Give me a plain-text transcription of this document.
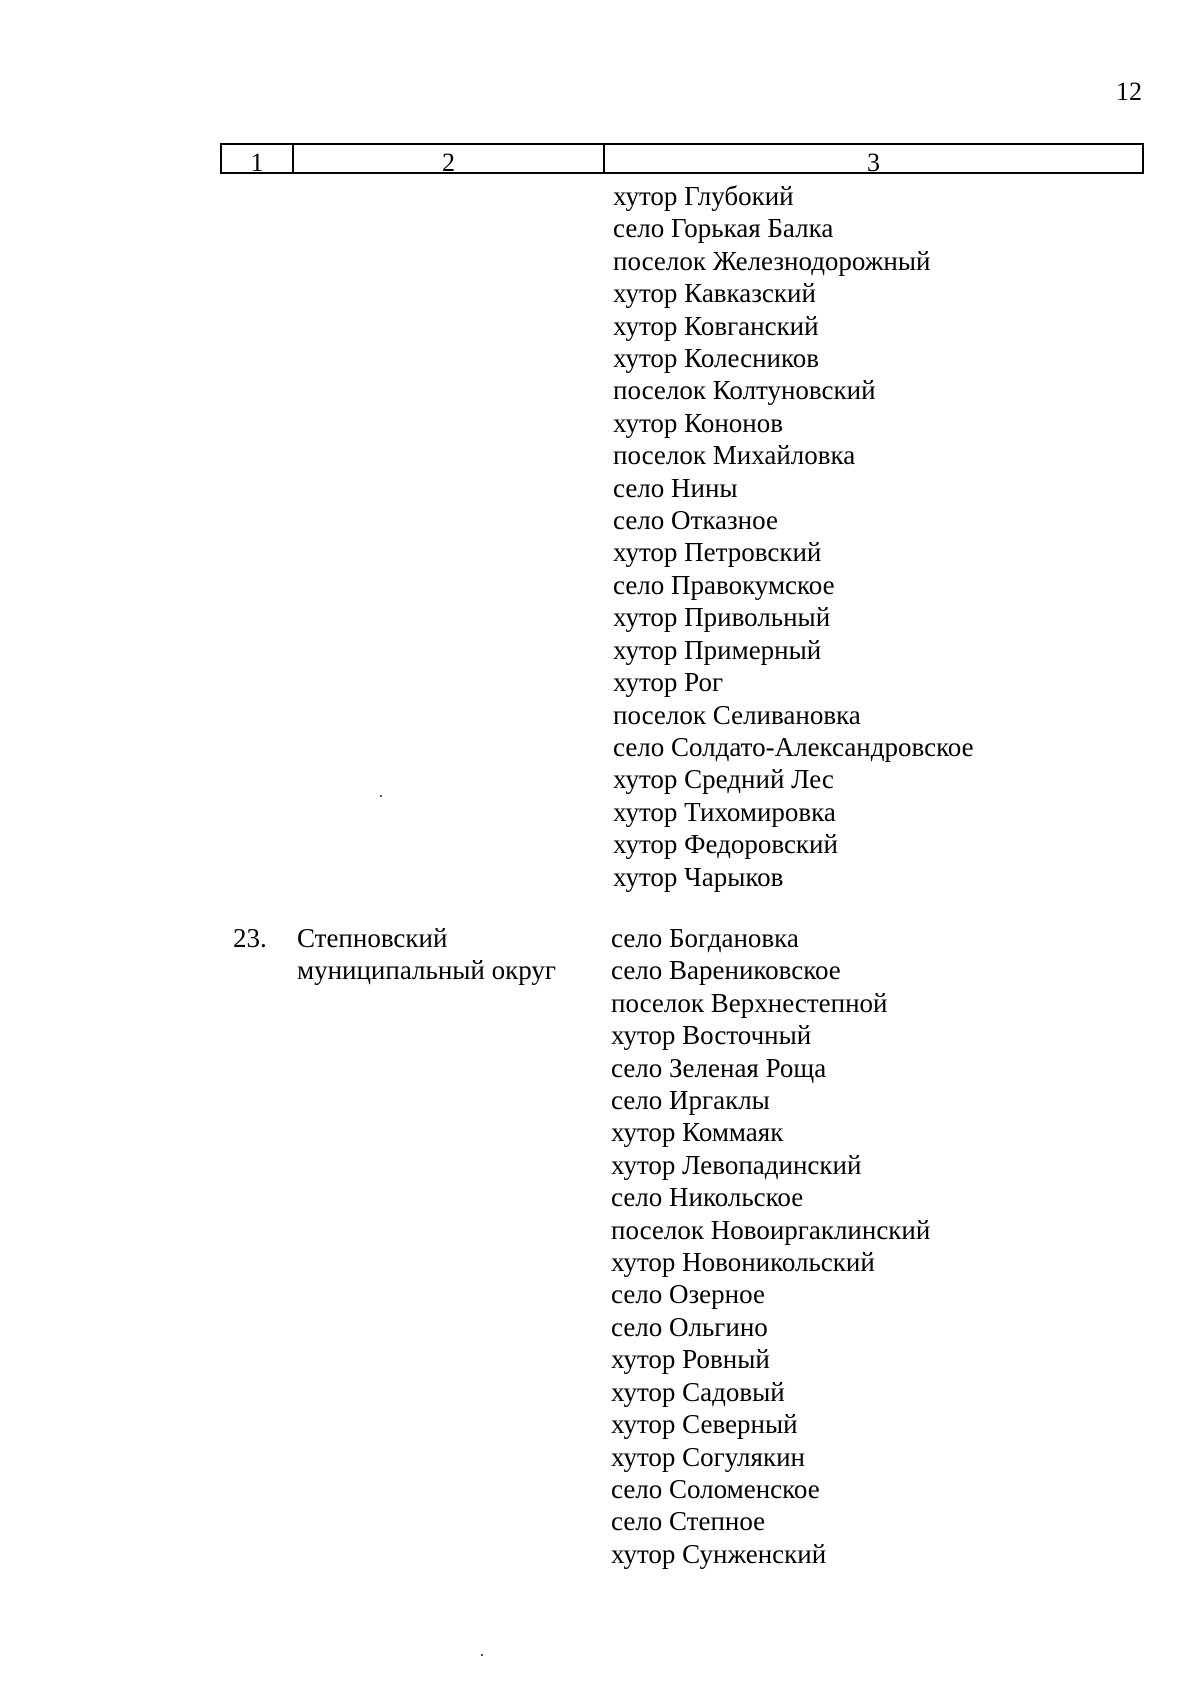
12
1	2	3
хутор Глубокий
село Горькая Балка
поселок Железнодорожный
хутор Кавказский
хутор Ковганский
хутор Колесников
поселок Колтуновский
хутор Кононов
поселок Михайловка
село Нины
село Отказное
хутор Петровский
село Правокумское
хутор Привольный
хутор Примерный
хутор Рог
поселок Селивановка
село Солдато-Александровское
хутор Средний Лес
хутор Тихомировка
хутор Федоровский
хутор Чарыков
23. Степновский
муниципальный округ
село Богдановка
село Варениковское
поселок Верхнестепной
хутор Восточный
село Зеленая Роща
село Иргаклы
хутор Коммаяк
хутор Левопадинский
село Никольское
поселок Новоиргаклинский
хутор Новоникольский
село Озерное
село Ольгино
хутор Ровный
хутор Садовый
хутор Северный
хутор Согулякин
село Соломенское
село Степное
хутор Сунженский
